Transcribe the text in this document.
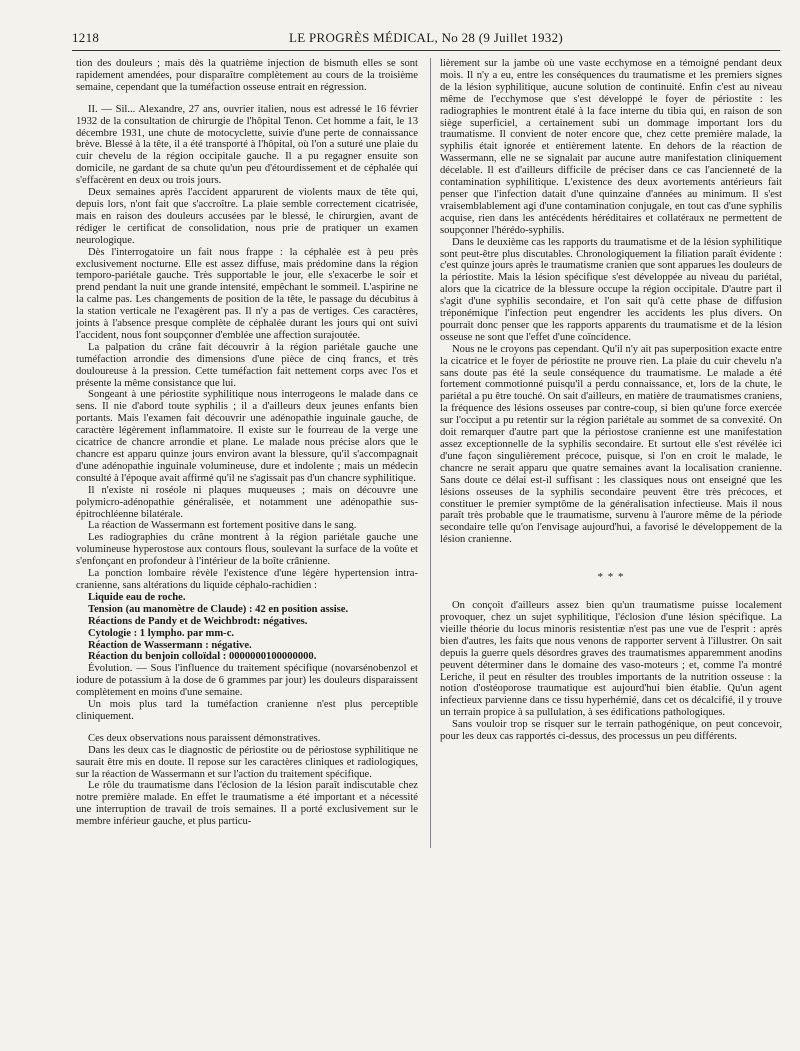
1218	LE PROGRÈS MÉDICAL, No 28 (9 Juillet 1932)

tion des douleurs ; mais dès la quatrième injection de bismuth elles se sont rapidement amendées, pour disparaître complètement au cours de la troisième semaine, cependant que la tuméfaction osseuse entrait en régression.

II. — Sil... Alexandre, 27 ans, ouvrier italien, nous est adressé le 16 février 1932 de la consultation de chirurgie de l'hôpital Tenon. Cet homme a fait, le 13 décembre 1931, une chute de motocyclette, suivie d'une perte de connaissance brève. Blessé à la tête, il a été transporté à l'hôpital, où l'on a suturé une plaie du cuir chevelu de la région occipitale gauche. Il a pu regagner ensuite son domicile, ne gardant de sa chute qu'un peu d'étourdissement et de céphalée qui s'effacèrent en deux ou trois jours.

Deux semaines après l'accident apparurent de violents maux de tête qui, depuis lors, n'ont fait que s'accroître. La plaie semble correctement cicatrisée, mais en raison des douleurs accusées par le blessé, le chirurgien, avant de rédiger le certificat de consolidation, nous prie de pratiquer un examen neurologique.

Dès l'interrogatoire un fait nous frappe : la céphalée est à peu près exclusivement nocturne. Elle est assez diffuse, mais prédomine dans la région temporo-pariétale gauche. Très supportable le jour, elle s'exacerbe le soir et prend pendant la nuit une grande intensité, empêchant le sommeil. L'aspirine ne la calme pas. Les changements de position de la tête, le passage du décubitus à la station verticale ne l'exagèrent pas. Il n'y a pas de vertiges. Ces caractères, joints à l'absence presque complète de céphalée durant les jours qui ont suivi l'accident, nous font soupçonner d'emblée une affection surajoutée.

La palpation du crâne fait découvrir à la région pariétale gauche une tuméfaction arrondie des dimensions d'une pièce de cinq francs, et très douloureuse à la pression. Cette tuméfaction fait nettement corps avec l'os et présente la même consistance que lui.

Songeant à une périostite syphilitique nous interrogeons le malade dans ce sens. Il nie d'abord toute syphilis ; il a d'ailleurs deux jeunes enfants bien portants. Mais l'examen fait découvrir une adénopathie inguinale gauche, de caractère légèrement inflammatoire. Il existe sur le fourreau de la verge une cicatrice de chancre arrondie et plane. Le malade nous précise alors que le chancre est apparu quinze jours environ avant la blessure, qu'il s'accompagnait d'une adénopathie inguinale volumineuse, dure et indolente ; mais un médecin consulté à l'époque avait affirmé qu'il ne s'agissait pas d'un chancre syphilitique.

Il n'existe ni roséole ni plaques muqueuses ; mais on découvre une polymicro-adénopathie généralisée, et notamment une adénopathie sus-épitrochléenne bilatérale.

La réaction de Wassermann est fortement positive dans le sang.

Les radiographies du crâne montrent à la région pariétale gauche une volumineuse hyperostose aux contours flous, soulevant la surface de la voûte et s'enfonçant en profondeur à l'intérieur de la boîte crânienne.

La ponction lombaire révèle l'existence d'une légère hypertension intra-cranienne, sans altérations du liquide céphalo-rachidien :

Liquide eau de roche.
Tension (au manomètre de Claude) : 42 en position assise.
Réactions de Pandy et de Weichbrodt: négatives.
Cytologie : 1 lympho. par mm-c.
Réaction de Wassermann : négative.
Réaction du benjoin colloïdal : 0000000100000000.

Évolution. — Sous l'influence du traitement spécifique (novarsénobenzol et iodure de potassium à la dose de 6 grammes par jour) les douleurs disparaissent complètement en moins d'une semaine.

Un mois plus tard la tuméfaction cranienne n'est plus perceptible cliniquement.

Ces deux observations nous paraissent démonstratives.

Dans les deux cas le diagnostic de périostite ou de périostose syphilitique ne saurait être mis en doute. Il repose sur les caractères cliniques et radiologiques, sur la réaction de Wassermann et sur l'action du traitement spécifique.

Le rôle du traumatisme dans l'éclosion de la lésion paraît indiscutable chez notre première malade. En effet le traumatisme a été important et a nécessité une interruption de travail de trois semaines. Il a porté exclusivement sur le membre inférieur gauche, et plus particu-

lièrement sur la jambe où une vaste ecchymose en a témoigné pendant deux mois. Il n'y a eu, entre les conséquences du traumatisme et les premiers signes de la lésion syphilitique, aucune solution de continuité. Enfin c'est au niveau même de l'ecchymose que s'est développé le foyer de périostite : les radiographies le montrent étalé à la face interne du tibia qui, en raison de son siège superficiel, a certainement subi un dommage important lors du traumatisme. Il convient de noter encore que, chez cette première malade, la syphilis était ignorée et entièrement latente. En dehors de la réaction de Wassermann, elle ne se signalait par aucune autre manifestation cliniquement décelable. Il est d'ailleurs difficile de préciser dans ce cas l'ancienneté de la contamination syphilitique. L'existence des deux avortements antérieurs fait penser que l'infection datait d'une quinzaine d'années au minimum. Il s'est vraisemblablement agi d'une contamination conjugale, en tout cas d'une syphilis acquise, rien dans les antécédents héréditaires et collatéraux ne permettent de soupçonner l'hérédo-syphilis.

Dans le deuxième cas les rapports du traumatisme et de la lésion syphilitique sont peut-être plus discutables. Chronologiquement la filiation paraît évidente : c'est quinze jours après le traumatisme cranien que sont apparues les douleurs de la périostite. Mais la lésion spécifique s'est développée au niveau du pariétal, alors que la cicatrice de la blessure occupe la région occipitale. D'autre part il s'agit d'une syphilis secondaire, et l'on sait qu'à cette phase de diffusion tréponémique l'infection peut engendrer les accidents les plus divers. On pourrait donc penser que les rapports apparents du traumatisme et de la lésion osseuse ne sont que l'effet d'une coïncidence.

Nous ne le croyons pas cependant. Qu'il n'y ait pas superposition exacte entre la cicatrice et le foyer de périostite ne prouve rien. La plaie du cuir chevelu n'a sans doute pas été la seule conséquence du traumatisme. Le malade a été fortement commotionné puisqu'il a perdu connaissance, et, lors de la chute, le pariétal a pu être touché. On sait d'ailleurs, en matière de traumatismes craniens, la fréquence des lésions osseuses par contre-coup, si bien qu'une force exercée sur l'occiput a pu retentir sur la région pariétale au sommet de sa convexité. On doit remarquer d'autre part que la périostose cranienne est une manifestation assez exceptionnelle de la syphilis secondaire. Et surtout elle s'est révélée ici d'une façon singulièrement précoce, puisque, si l'on en croit le malade, le chancre ne serait apparu que quatre semaines avant la localisation cranienne. Sans doute ce délai est-il suffisant : les classiques nous ont enseigné que les lésions osseuses de la syphilis secondaire peuvent être très précoces, et constituer le premier symptôme de la généralisation infectieuse. Mais il nous paraît très probable que le traumatisme, survenu à l'aurore même de la période secondaire telle qu'on l'envisage aujourd'hui, a favorisé le développement de la lésion cranienne.

* * *

On conçoit d'ailleurs assez bien qu'un traumatisme puisse localement provoquer, chez un sujet syphilitique, l'éclosion d'une lésion spécifique. La vieille théorie du locus minoris resistentiæ n'est pas une vue de l'esprit : après bien d'autres, les faits que nous venons de rapporter servent à l'illustrer. On sait depuis la guerre quels désordres graves des traumatismes apparemment anodins peuvent déterminer dans le domaine des vaso-moteurs ; et, comme l'a montré Leriche, il peut en résulter des troubles importants de la nutrition osseuse : la notion d'ostéoporose traumatique est aujourd'hui bien établie. Qu'un agent infectieux parvienne dans ce tissu hyperhémié, dans cet os décalcifié, il y trouve un terrain propice à sa pullulation, à ses édifications pathologiques.

Sans vouloir trop se risquer sur le terrain pathogénique, on peut concevoir, pour les deux cas rapportés ci-dessus, des processus un peu différents.
